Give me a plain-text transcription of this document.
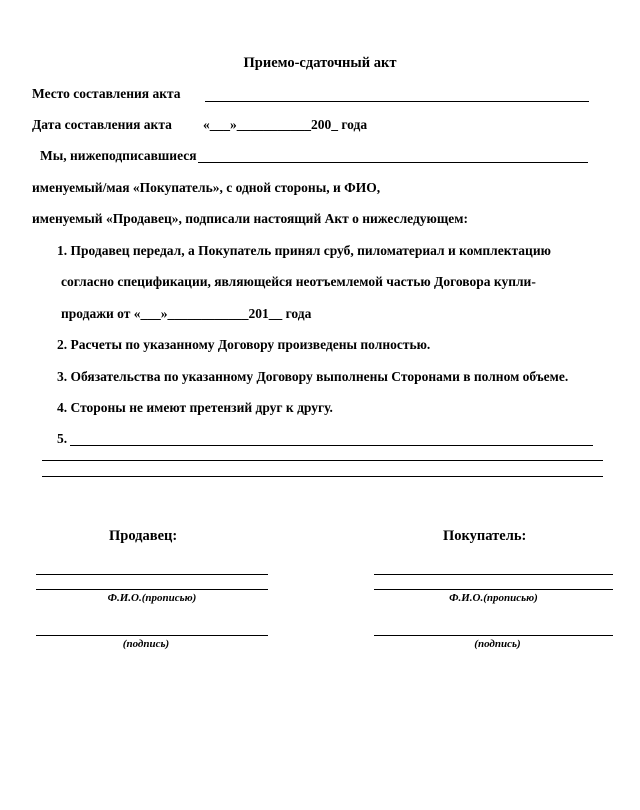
Приемо-сдаточный акт
Место составления акта
Дата составления акта «___»___________200_ года
Мы, нижеподписавшиеся
именуемый/мая «Покупатель», с одной стороны, и ФИО,
именуемый «Продавец», подписали настоящий Акт о нижеследующем:
1. Продавец передал, а Покупатель принял сруб, пиломатериал и комплектацию
согласно спецификации, являющейся неотъемлемой частью Договора купли-
продажи от «___»____________201__ года
2. Расчеты по указанному Договору произведены полностью.
3. Обязательства по указанному Договору выполнены Сторонами в полном объеме.
4. Стороны не имеют претензий друг к другу.
5.
Продавец:
Ф.И.О.(прописью)
(подпись)
Покупатель:
Ф.И.О.(прописью)
(подпись)
